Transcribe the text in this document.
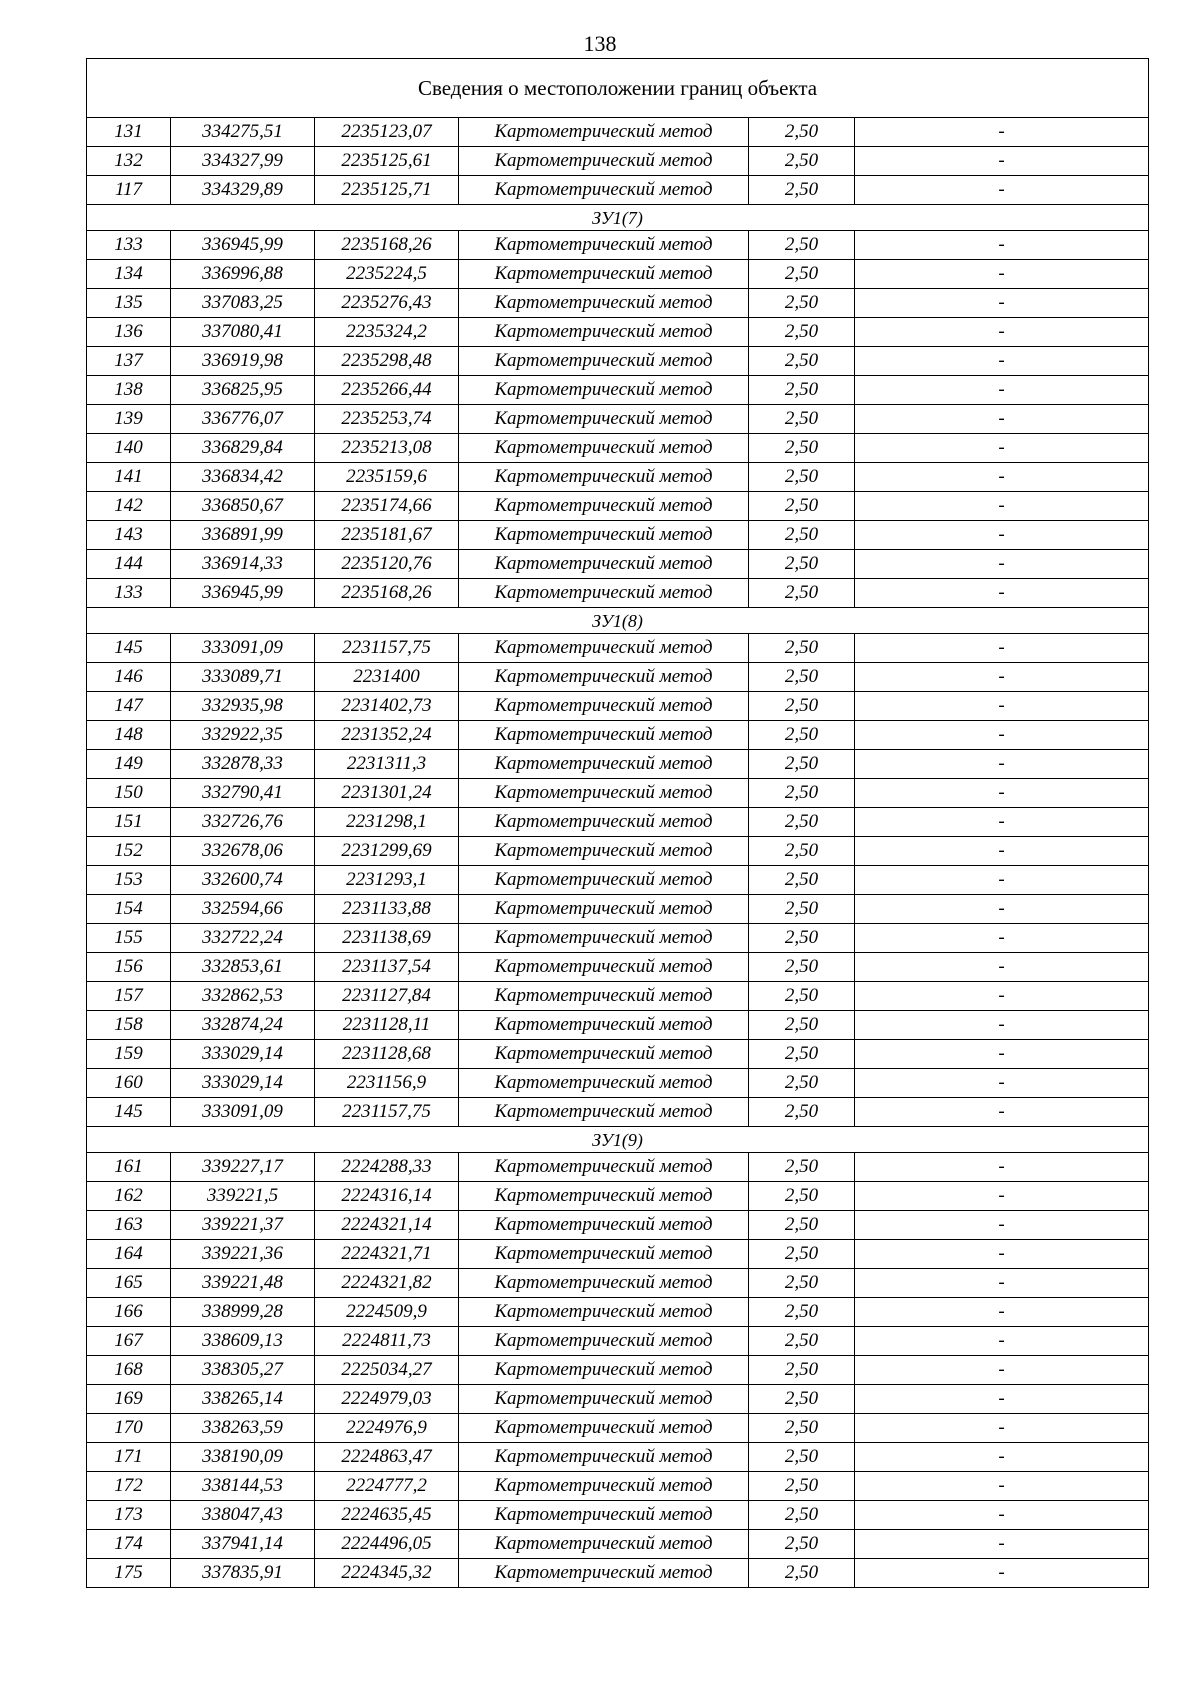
138
Сведения о местоположении границ объекта					
131	334275,51	2235123,07	Картометрический метод	2,50	-
132	334327,99	2235125,61	Картометрический метод	2,50	-
117	334329,89	2235125,71	Картометрический метод	2,50	-
ЗУ1(7)					
133	336945,99	2235168,26	Картометрический метод	2,50	-
134	336996,88	2235224,5	Картометрический метод	2,50	-
135	337083,25	2235276,43	Картометрический метод	2,50	-
136	337080,41	2235324,2	Картометрический метод	2,50	-
137	336919,98	2235298,48	Картометрический метод	2,50	-
138	336825,95	2235266,44	Картометрический метод	2,50	-
139	336776,07	2235253,74	Картометрический метод	2,50	-
140	336829,84	2235213,08	Картометрический метод	2,50	-
141	336834,42	2235159,6	Картометрический метод	2,50	-
142	336850,67	2235174,66	Картометрический метод	2,50	-
143	336891,99	2235181,67	Картометрический метод	2,50	-
144	336914,33	2235120,76	Картометрический метод	2,50	-
133	336945,99	2235168,26	Картометрический метод	2,50	-
ЗУ1(8)					
145	333091,09	2231157,75	Картометрический метод	2,50	-
146	333089,71	2231400	Картометрический метод	2,50	-
147	332935,98	2231402,73	Картометрический метод	2,50	-
148	332922,35	2231352,24	Картометрический метод	2,50	-
149	332878,33	2231311,3	Картометрический метод	2,50	-
150	332790,41	2231301,24	Картометрический метод	2,50	-
151	332726,76	2231298,1	Картометрический метод	2,50	-
152	332678,06	2231299,69	Картометрический метод	2,50	-
153	332600,74	2231293,1	Картометрический метод	2,50	-
154	332594,66	2231133,88	Картометрический метод	2,50	-
155	332722,24	2231138,69	Картометрический метод	2,50	-
156	332853,61	2231137,54	Картометрический метод	2,50	-
157	332862,53	2231127,84	Картометрический метод	2,50	-
158	332874,24	2231128,11	Картометрический метод	2,50	-
159	333029,14	2231128,68	Картометрический метод	2,50	-
160	333029,14	2231156,9	Картометрический метод	2,50	-
145	333091,09	2231157,75	Картометрический метод	2,50	-
ЗУ1(9)					
161	339227,17	2224288,33	Картометрический метод	2,50	-
162	339221,5	2224316,14	Картометрический метод	2,50	-
163	339221,37	2224321,14	Картометрический метод	2,50	-
164	339221,36	2224321,71	Картометрический метод	2,50	-
165	339221,48	2224321,82	Картометрический метод	2,50	-
166	338999,28	2224509,9	Картометрический метод	2,50	-
167	338609,13	2224811,73	Картометрический метод	2,50	-
168	338305,27	2225034,27	Картометрический метод	2,50	-
169	338265,14	2224979,03	Картометрический метод	2,50	-
170	338263,59	2224976,9	Картометрический метод	2,50	-
171	338190,09	2224863,47	Картометрический метод	2,50	-
172	338144,53	2224777,2	Картометрический метод	2,50	-
173	338047,43	2224635,45	Картометрический метод	2,50	-
174	337941,14	2224496,05	Картометрический метод	2,50	-
175	337835,91	2224345,32	Картометрический метод	2,50	-
